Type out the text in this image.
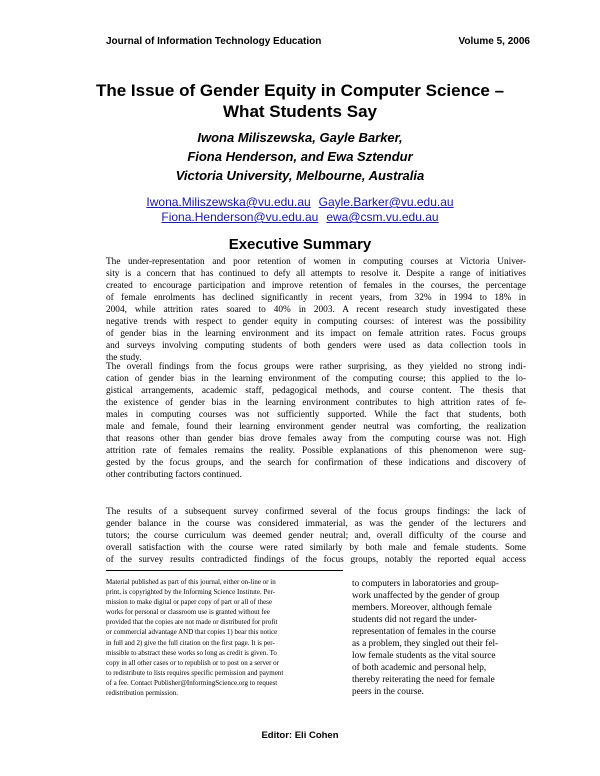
Journal of Information Technology Education	Volume 5, 2006
The Issue of Gender Equity in Computer Science –
What Students Say
Iwona Miliszewska, Gayle Barker,
Fiona Henderson, and Ewa Sztendur
Victoria University, Melbourne, Australia
Iwona.Miliszewska@vu.edu.au Gayle.Barker@vu.edu.au
Fiona.Henderson@vu.edu.au ewa@csm.vu.edu.au
Executive Summary
The under-representation and poor retention of women in computing courses at Victoria Univer-
sity is a concern that has continued to defy all attempts to resolve it. Despite a range of initiatives
created to encourage participation and improve retention of females in the courses, the percentage
of female enrolments has declined significantly in recent years, from 32% in 1994 to 18% in
2004, while attrition rates soared to 40% in 2003. A recent research study investigated these
negative trends with respect to gender equity in computing courses: of interest was the possibility
of gender bias in the learning environment and its impact on female attrition rates. Focus groups
and surveys involving computing students of both genders were used as data collection tools in
the study.
The overall findings from the focus groups were rather surprising, as they yielded no strong indi-
cation of gender bias in the learning environment of the computing course; this applied to the lo-
gistical arrangements, academic staff, pedagogical methods, and course content. The thesis that
the existence of gender bias in the learning environment contributes to high attrition rates of fe-
males in computing courses was not sufficiently supported. While the fact that students, both
male and female, found their learning environment gender neutral was comforting, the realization
that reasons other than gender bias drove females away from the computing course was not. High
attrition rate of females remains the reality. Possible explanations of this phenomenon were sug-
gested by the focus groups, and the search for confirmation of these indications and discovery of
other contributing factors continued.
The results of a subsequent survey confirmed several of the focus groups findings: the lack of
gender balance in the course was considered immaterial, as was the gender of the lecturers and
tutors; the course curriculum was deemed gender neutral; and, overall difficulty of the course and
overall satisfaction with the course were rated similarly by both male and female students. Some
of the survey results contradicted findings of the focus groups, notably the reported equal access
to computers in laboratories and group-
work unaffected by the gender of group
members. Moreover, although female
students did not regard the under-
representation of females in the course
as a problem, they singled out their fel-
low female students as the vital source
of both academic and personal help,
thereby reiterating the need for female
peers in the course.
Material published as part of this journal, either on-line or in
print, is copyrighted by the Informing Science Institute. Per-
mission to make digital or paper copy of part or all of these
works for personal or classroom use is granted without fee
provided that the copies are not made or distributed for profit
or commercial advantage AND that copies 1) bear this notice
in full and 2) give the full citation on the first page. It is per-
missible to abstract these works so long as credit is given. To
copy in all other cases or to republish or to post on a server or
to redistribute to lists requires specific permission and payment
of a fee. Contact Publisher@InformingScience.org to request
redistribution permission.
Editor: Eli Cohen
